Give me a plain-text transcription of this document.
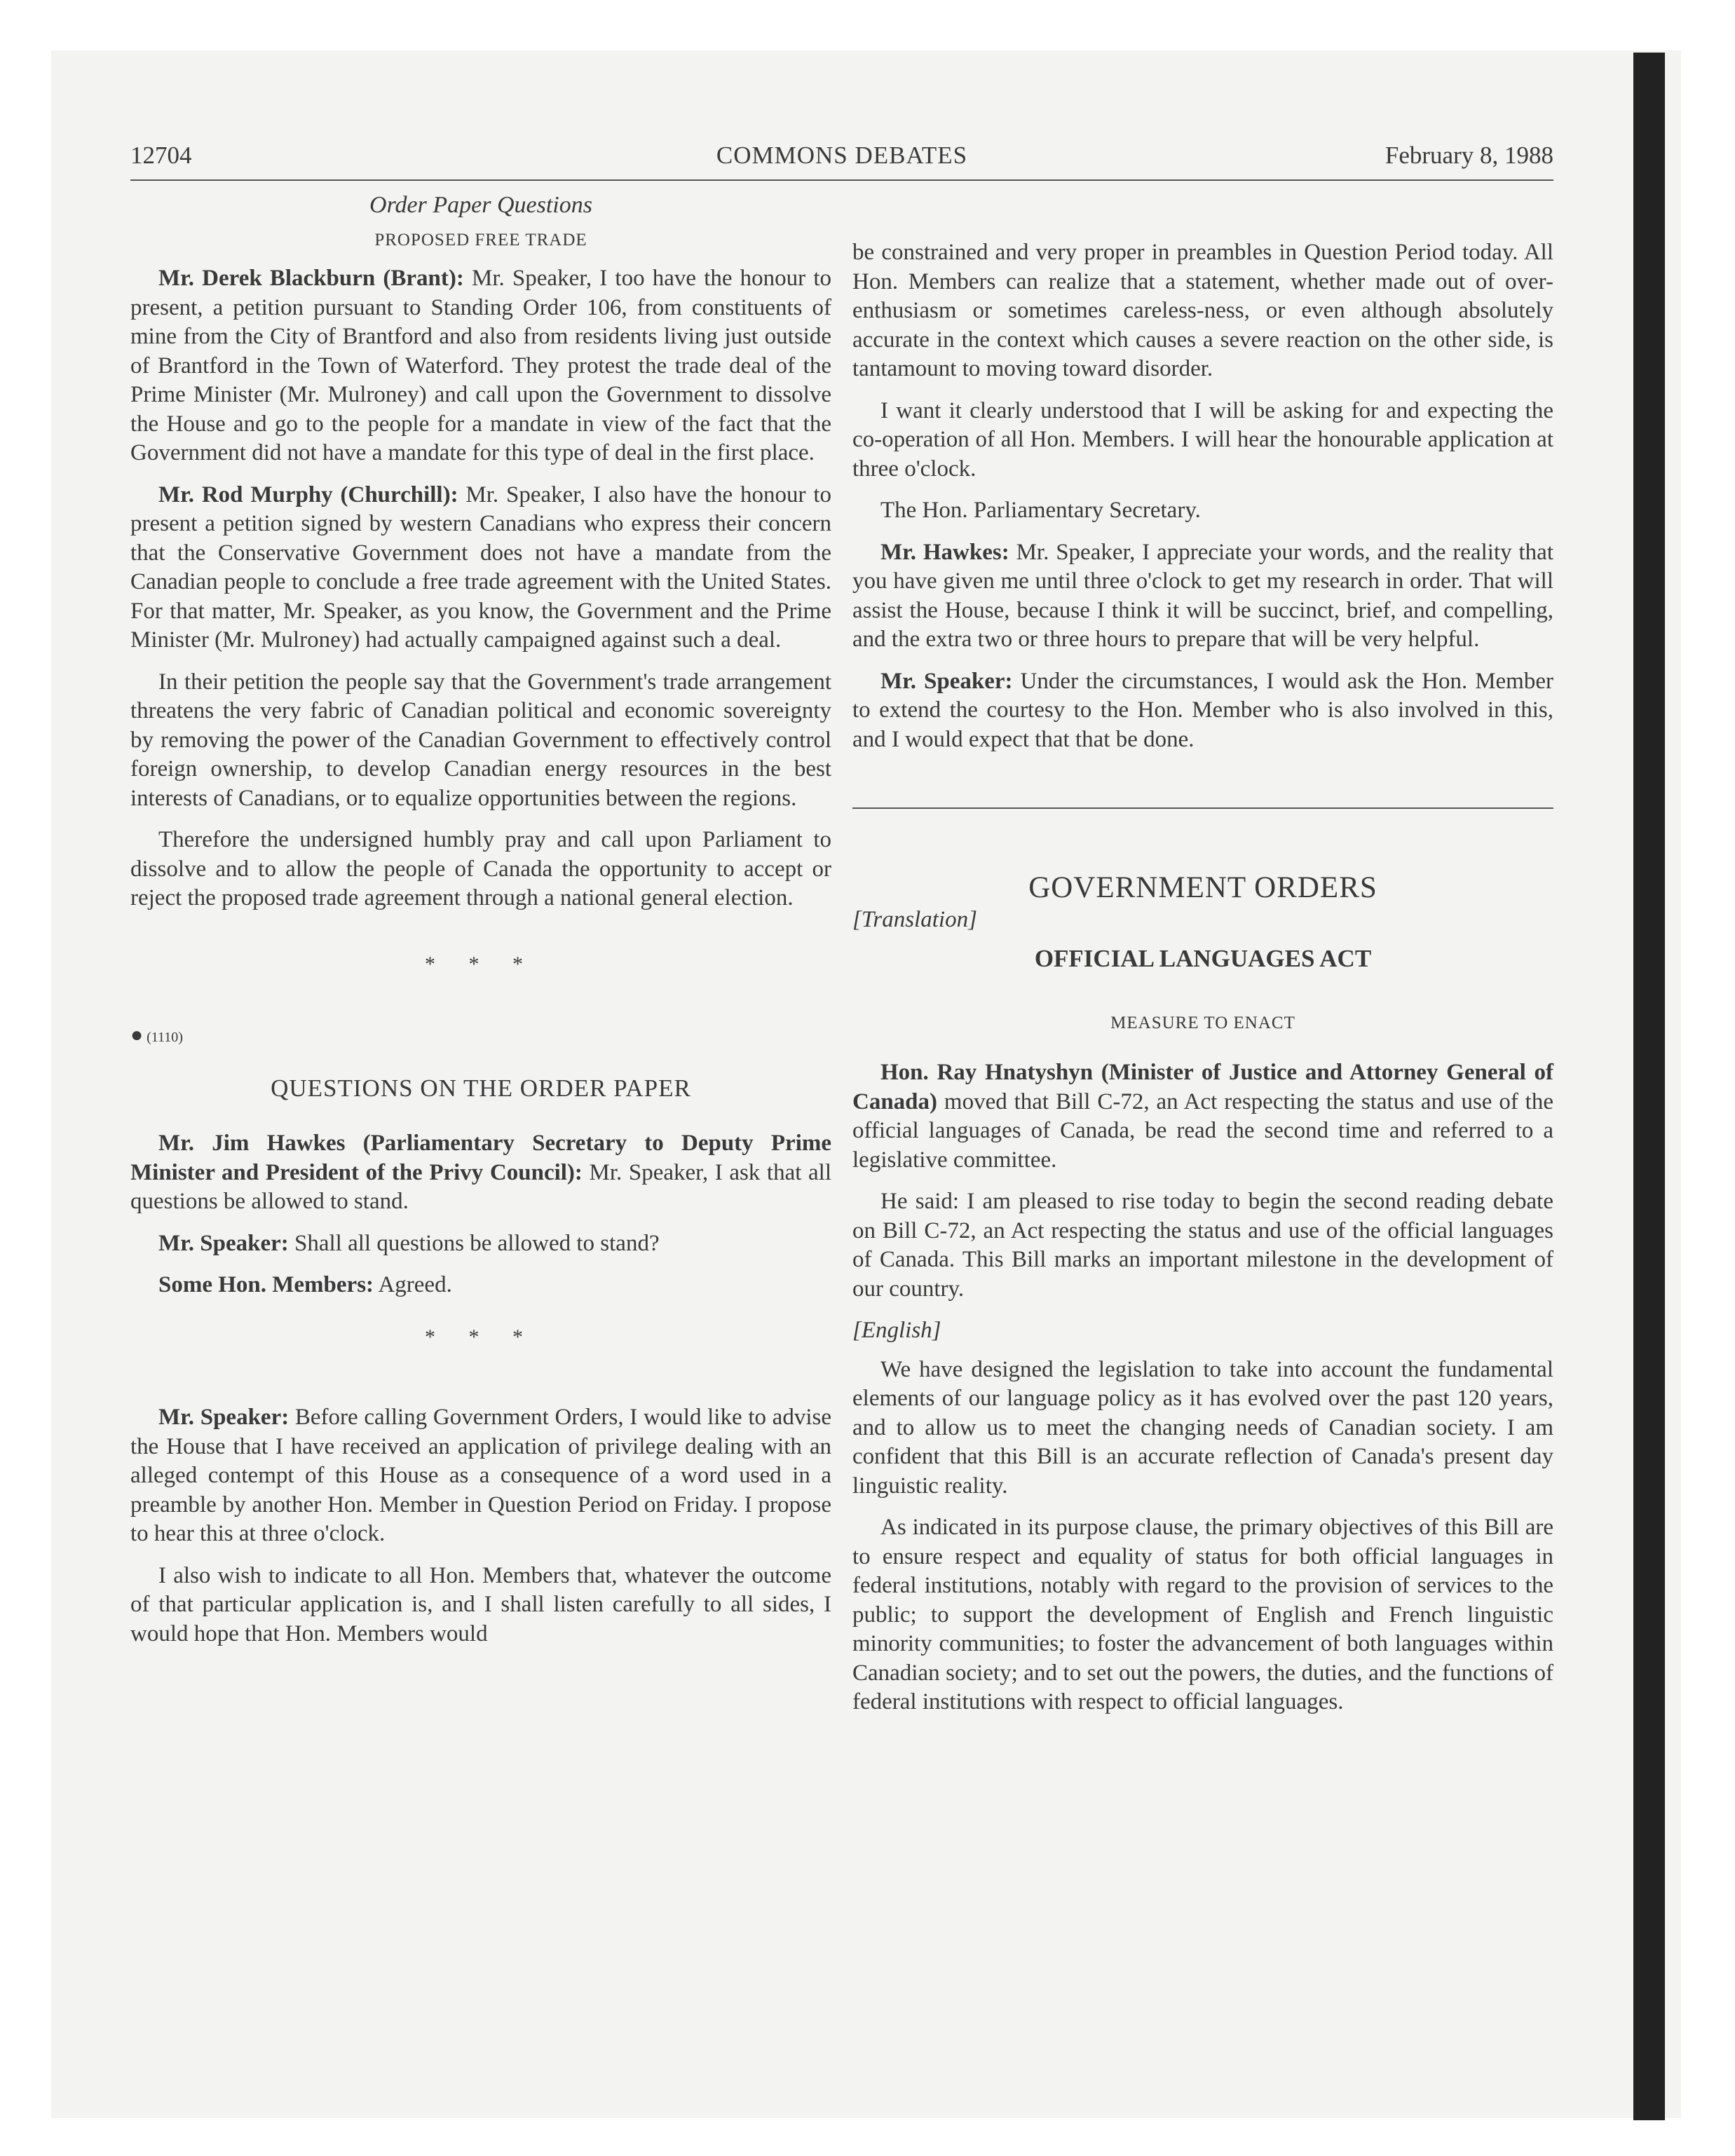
12704	COMMONS DEBATES	February 8, 1988
Order Paper Questions
PROPOSED FREE TRADE

Mr. Derek Blackburn (Brant): Mr. Speaker, I too have the honour to present, a petition pursuant to Standing Order 106, from constituents of mine from the City of Brantford and also from residents living just outside of Brantford in the Town of Waterford. They protest the trade deal of the Prime Minister (Mr. Mulroney) and call upon the Government to dissolve the House and go to the people for a mandate in view of the fact that the Government did not have a mandate for this type of deal in the first place.

Mr. Rod Murphy (Churchill): Mr. Speaker, I also have the honour to present a petition signed by western Canadians who express their concern that the Conservative Government does not have a mandate from the Canadian people to conclude a free trade agreement with the United States. For that matter, Mr. Speaker, as you know, the Government and the Prime Minister (Mr. Mulroney) had actually campaigned against such a deal.

In their petition the people say that the Government's trade arrangement threatens the very fabric of Canadian political and economic sovereignty by removing the power of the Canadian Government to effectively control foreign ownership, to develop Canadian energy resources in the best interests of Canadians, or to equalize opportunities between the regions.

Therefore the undersigned humbly pray and call upon Parliament to dissolve and to allow the people of Canada the opportunity to accept or reject the proposed trade agreement through a national general election.

* * *
● (1110)
QUESTIONS ON THE ORDER PAPER

Mr. Jim Hawkes (Parliamentary Secretary to Deputy Prime Minister and President of the Privy Council): Mr. Speaker, I ask that all questions be allowed to stand.

Mr. Speaker: Shall all questions be allowed to stand?

Some Hon. Members: Agreed.

* * *

Mr. Speaker: Before calling Government Orders, I would like to advise the House that I have received an application of privilege dealing with an alleged contempt of this House as a consequence of a word used in a preamble by another Hon. Member in Question Period on Friday. I propose to hear this at three o'clock.

I also wish to indicate to all Hon. Members that, whatever the outcome of that particular application is, and I shall listen carefully to all sides, I would hope that Hon. Members would

be constrained and very proper in preambles in Question Period today. All Hon. Members can realize that a statement, whether made out of over-enthusiasm or sometimes careless-ness, or even although absolutely accurate in the context which causes a severe reaction on the other side, is tantamount to moving toward disorder.

I want it clearly understood that I will be asking for and expecting the co-operation of all Hon. Members. I will hear the honourable application at three o'clock.

The Hon. Parliamentary Secretary.

Mr. Hawkes: Mr. Speaker, I appreciate your words, and the reality that you have given me until three o'clock to get my research in order. That will assist the House, because I think it will be succinct, brief, and compelling, and the extra two or three hours to prepare that will be very helpful.

Mr. Speaker: Under the circumstances, I would ask the Hon. Member to extend the courtesy to the Hon. Member who is also involved in this, and I would expect that that be done.

GOVERNMENT ORDERS
[Translation]
OFFICIAL LANGUAGES ACT
MEASURE TO ENACT

Hon. Ray Hnatyshyn (Minister of Justice and Attorney General of Canada) moved that Bill C-72, an Act respecting the status and use of the official languages of Canada, be read the second time and referred to a legislative committee.

He said: I am pleased to rise today to begin the second reading debate on Bill C-72, an Act respecting the status and use of the official languages of Canada. This Bill marks an important milestone in the development of our country.

[English]

We have designed the legislation to take into account the fundamental elements of our language policy as it has evolved over the past 120 years, and to allow us to meet the changing needs of Canadian society. I am confident that this Bill is an accurate reflection of Canada's present day linguistic reality.

As indicated in its purpose clause, the primary objectives of this Bill are to ensure respect and equality of status for both official languages in federal institutions, notably with regard to the provision of services to the public; to support the development of English and French linguistic minority communities; to foster the advancement of both languages within Canadian society; and to set out the powers, the duties, and the functions of federal institutions with respect to official languages.
